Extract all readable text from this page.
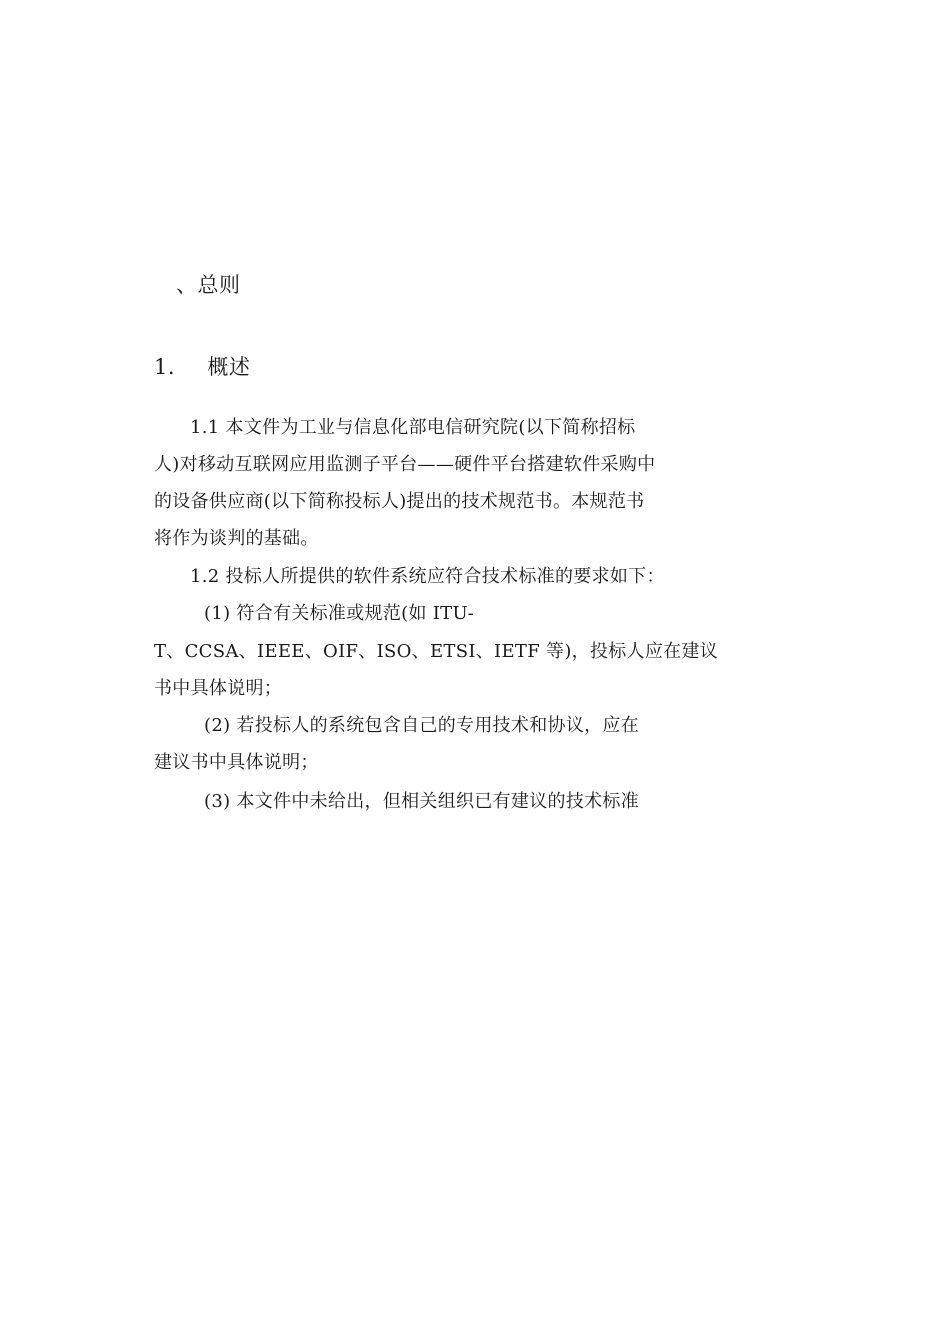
、总则
1. 概述
1.1 本文件为工业与信息化部电信研究院(以下简称招标
人)对移动互联网应用监测子平台——硬件平台搭建软件采购中
的设备供应商(以下简称投标人)提出的技术规范书。本规范书
将作为谈判的基础。
1.2 投标人所提供的软件系统应符合技术标准的要求如下：
(1) 符合有关标准或规范(如 ITU-
T、CCSA、IEEE、OIF、ISO、ETSI、IETF 等)，投标人应在建议
书中具体说明；
(2) 若投标人的系统包含自己的专用技术和协议，应在
建议书中具体说明；
(3) 本文件中未给出，但相关组织已有建议的技术标准
